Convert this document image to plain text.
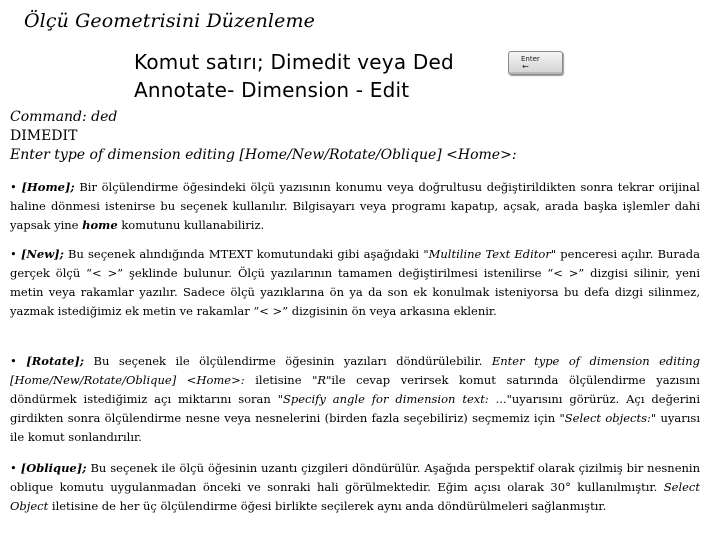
Ölçü Geometrisini Düzenleme
Komut satırı; Dimedit veya Ded
Annotate- Dimension - Edit
Enter
←
Command: ded
DIMEDIT
Enter type of dimension editing [Home/New/Rotate/Oblique] <Home>:
• [Home]; Bir ölçülendirme öğesindeki ölçü yazısının konumu veya doğrultusu değiştirildikten sonra tekrar orijinal haline dönmesi istenirse bu seçenek kullanılır. Bilgisayarı veya programı kapatıp, açsak, arada başka işlemler dahi yapsak yine home komutunu kullanabiliriz.
• [New]; Bu seçenek alındığında MTEXT komutundaki gibi aşağıdaki "Multiline Text Editor" penceresi açılır. Burada gerçek ölçü “< >” şeklinde bulunur. Ölçü yazılarının tamamen değiştirilmesi istenilirse “< >” dizgisi silinir, yeni metin veya rakamlar yazılır. Sadece ölçü yazıklarına ön ya da son ek konulmak isteniyorsa bu defa dizgi silinmez, yazmak istediğimiz ek metin ve rakamlar “< >” dizgisinin ön veya arkasına eklenir.
• [Rotate]; Bu seçenek ile ölçülendirme öğesinin yazıları döndürülebilir. Enter type of dimension editing [Home/New/Rotate/Oblique] <Home>: iletisine "R"ile cevap verirsek komut satırında ölçülendirme yazısını döndürmek istediğimiz açı miktarını soran "Specify angle for dimension text: ..."uyarısını görürüz. Açı değerini girdikten sonra ölçülendirme nesne veya nesnelerini (birden fazla seçebiliriz) seçmemiz için "Select objects:" uyarısı ile komut sonlandırılır.
• [Oblique]; Bu seçenek ile ölçü öğesinin uzantı çizgileri döndürülür. Aşağıda perspektif olarak çizilmiş bir nesnenin oblique komutu uygulanmadan önceki ve sonraki hali görülmektedir. Eğim açısı olarak 30° kullanılmıştır. Select Object iletisine de her üç ölçülendirme öğesi birlikte seçilerek aynı anda döndürülmeleri sağlanmıştır.
